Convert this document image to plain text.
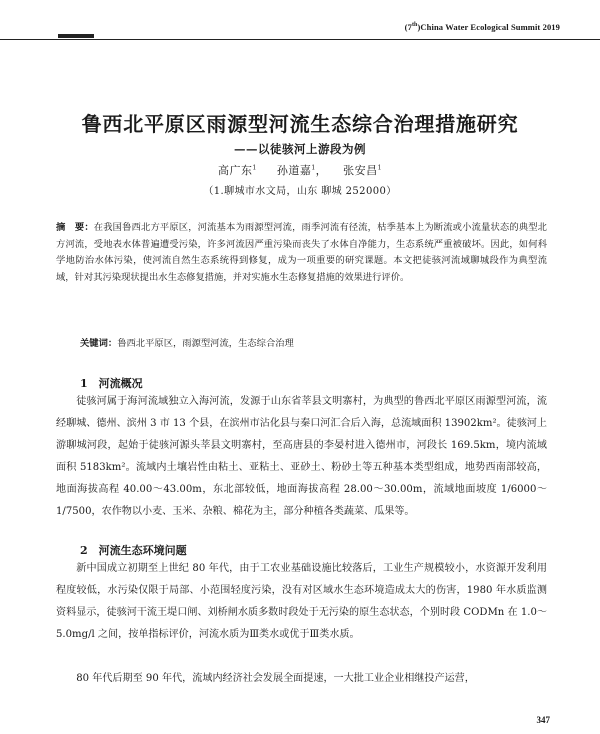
(7th)China Water Ecological Summit 2019
鲁西北平原区雨源型河流生态综合治理措施研究
——以徒骇河上游段为例
高广东$^1$ 孙道嘉$^1$，    张安昌$^1$
（1.聊城市水文局，山东 聊城 252000）
摘　要：在我国鲁西北方平原区，河流基本为雨源型河流，雨季河流有径流，枯季基本上为断流或小流量状态的典型北方河流，受地表水体普遍遭受污染，许多河流因严重污染而丧失了水体自净能力，生态系统严重被破坏。因此，如何科学地防治水体污染，使河流自然生态系统得到修复，成为一项重要的研究课题。本文把徒骇河流域聊城段作为典型流域，针对其污染现状提出水生态修复措施，并对实施水生态修复措施的效果进行评价。
关键词：鲁西北平原区，雨源型河流，生态综合治理
1　河流概况
徒骇河属于海河流域独立入海河流，发源于山东省莘县文明寨村，为典型的鲁西北平原区雨源型河流，流经聊城、德州、滨州 3 市 13 个县，在滨州市沾化县与秦口河汇合后入海，总流域面积 13902km²。徒骇河上游聊城河段，起始于徒骇河源头莘县文明寨村，至高唐县的李晏村进入德州市，河段长 169.5km，境内流域面积 5183km²。流域内土壤岩性由粘土、亚粘土、亚砂土、粉砂土等五种基本类型组成，地势西南部较高，地面海拔高程 40.00～43.00m，东北部较低，地面海拔高程 28.00～30.00m，流域地面坡度 1/6000～1/7500，农作物以小麦、玉米、杂粮、棉花为主，部分种植各类蔬菜、瓜果等。
2　河流生态环境问题
新中国成立初期至上世纪 80 年代，由于工农业基础设施比较落后，工业生产规模较小，水资源开发利用程度较低，水污染仅限于局部、小范围轻度污染，没有对区域水生态环境造成太大的伤害，1980 年水质监测资料显示，徒骇河干流王堤口闸、刘桥闸水质多数时段处于无污染的原生态状态，个别时段 CODMn 在 1.0～5.0mg/l 之间，按单指标评价，河流水质为Ⅲ类水或优于Ⅲ类水质。
80 年代后期至 90 年代，流域内经济社会发展全面提速，一大批工业企业相继投产运营，
347
